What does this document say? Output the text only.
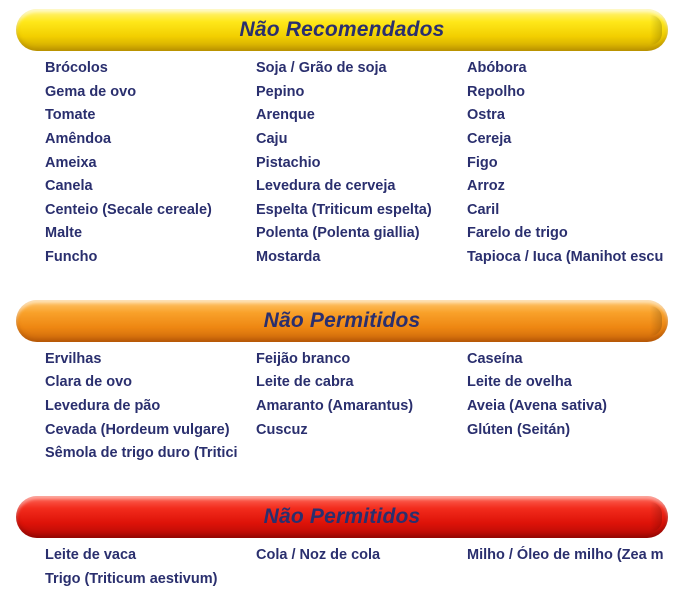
Não Recomendados
Brócolos
Gema de ovo
Tomate
Amêndoa
Ameixa
Canela
Centeio (Secale cereale)
Malte
Funcho
Soja / Grão de soja
Pepino
Arenque
Caju
Pistachio
Levedura de cerveja
Espelta (Triticum espelta)
Polenta (Polenta giallia)
Mostarda
Abóbora
Repolho
Ostra
Cereja
Figo
Arroz
Caril
Farelo de trigo
Tapioca / Iuca (Manihot escu
Não Permitidos
Ervilhas
Clara de ovo
Levedura de pão
Cevada (Hordeum vulgare)
Sêmola de trigo duro (Tritici
Feijão branco
Leite de cabra
Amaranto (Amarantus)
Cuscuz
Caseína
Leite de ovelha
Aveia (Avena sativa)
Glúten (Seitán)
Não Permitidos
Leite de vaca
Trigo (Triticum aestivum)
Cola / Noz de cola	Milho / Óleo de milho (Zea m
